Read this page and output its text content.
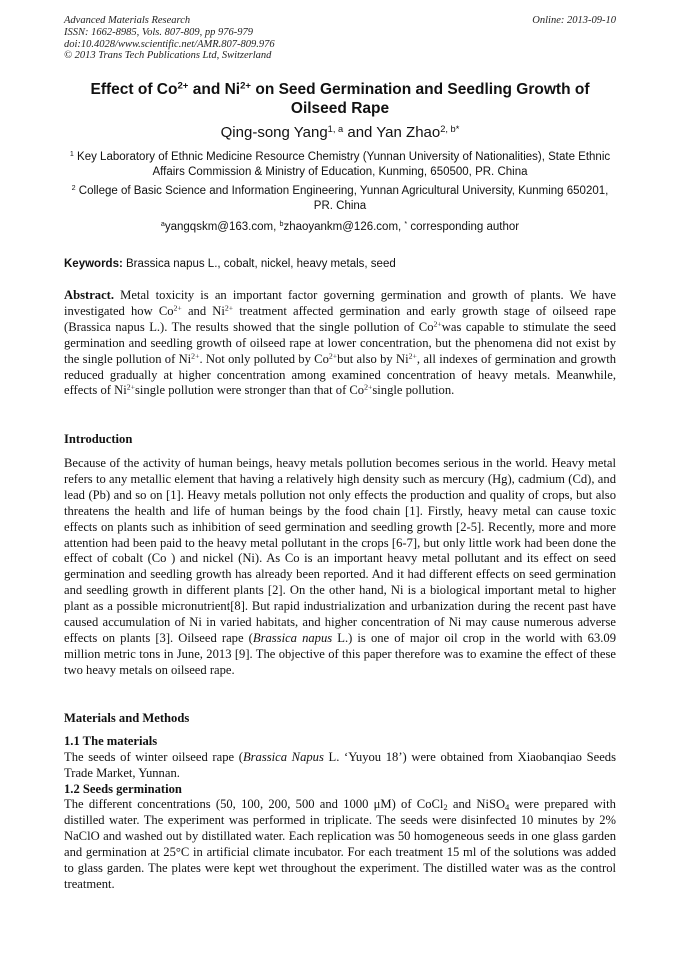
Advanced Materials Research
ISSN: 1662-8985, Vols. 807-809, pp 976-979
doi:10.4028/www.scientific.net/AMR.807-809.976
© 2013 Trans Tech Publications Ltd, Switzerland
Online: 2013-09-10
Effect of $Co^{2+}$ and $Ni^{2+}$ on Seed Germination and Seedling Growth of
Oilseed Rape
Qing-song Yang$^{1, a}$ and Yan Zhao$^{2, b*}$
$^1$ Key Laboratory of Ethnic Medicine Resource Chemistry (Yunnan University of Nationalities), State Ethnic Affairs Commission & Ministry of Education, Kunming, 650500, PR. China
$^2$ College of Basic Science and Information Engineering, Yunnan Agricultural University, Kunming 650201, PR. China
$^a$yangqskm@163.com, $^b$zhaoyankm@126.com, * corresponding author
Keywords: Brassica napus L., cobalt, nickel, heavy metals, seed
Abstract. Metal toxicity is an important factor governing germination and growth of plants. We have investigated how $Co^{2+}$ and $Ni^{2+}$ treatment affected germination and early growth stage of oilseed rape (Brassica napus L.). The results showed that the single pollution of $Co^{2+}was$ capable to stimulate the seed germination and seedling growth of oilseed rape at lower concentration, but the phenomena did not exist by the single pollution of $Ni^{2+}$. Not only polluted by $Co^{2+}but$ also by $Ni^{2+}$, all indexes of germination and growth reduced gradually at higher concentration among examined concentration of heavy metals. Meanwhile, effects of $Ni^{2+}single$ pollution were stronger than that of $Co^{2+}single$ pollution.
Introduction
Because of the activity of human beings, heavy metals pollution becomes serious in the world. Heavy metal refers to any metallic element that having a relatively high density such as mercury (Hg), cadmium (Cd), and lead (Pb) and so on [1]. Heavy metals pollution not only effects the production and quality of crops, but also threatens the health and life of human beings by the food chain [1]. Firstly, heavy metal can cause toxic effects on plants such as inhibition of seed germination and seedling growth [2-5]. Recently, more and more attention had been paid to the heavy metal pollutant in the crops [6-7], but only little work had been done the effect of cobalt (Co ) and nickel (Ni). As Co is an important heavy metal pollutant and its effect on seed germination and seedling growth has already been reported. And it had different effects on seed germination and seedling growth in different plants [2]. On the other hand, Ni is a biological important metal to higher plant as a possible micronutrient[8]. But rapid industrialization and urbanization during the recent past have caused accumulation of Ni in varied habitats, and higher concentration of Ni may cause numerous adverse effects on plants [3]. Oilseed rape (Brassica napus L.) is one of major oil crop in the world with 63.09 million metric tons in June, 2013 [9]. The objective of this paper therefore was to examine the effect of these two heavy metals on oilseed rape.
Materials and Methods
1.1 The materials
The seeds of winter oilseed rape (Brassica Napus L. ‘Yuyou 18’) were obtained from Xiaobanqiao Seeds Trade Market, Yunnan.
1.2 Seeds germination
The different concentrations (50, 100, 200, 500 and 1000 μM) of CoCl$_2$ and NiSO$_4$ were prepared with distilled water. The experiment was performed in triplicate. The seeds were disinfected 10 minutes by 2% NaClO and washed out by distillated water. Each replication was 50 homogeneous seeds in one glass garden and germination at 25°C in artificial climate incubator. For each treatment 15 ml of the solutions was added to glass garden. The plates were kept wet throughout the experiment. The distilled water was as the control treatment.
